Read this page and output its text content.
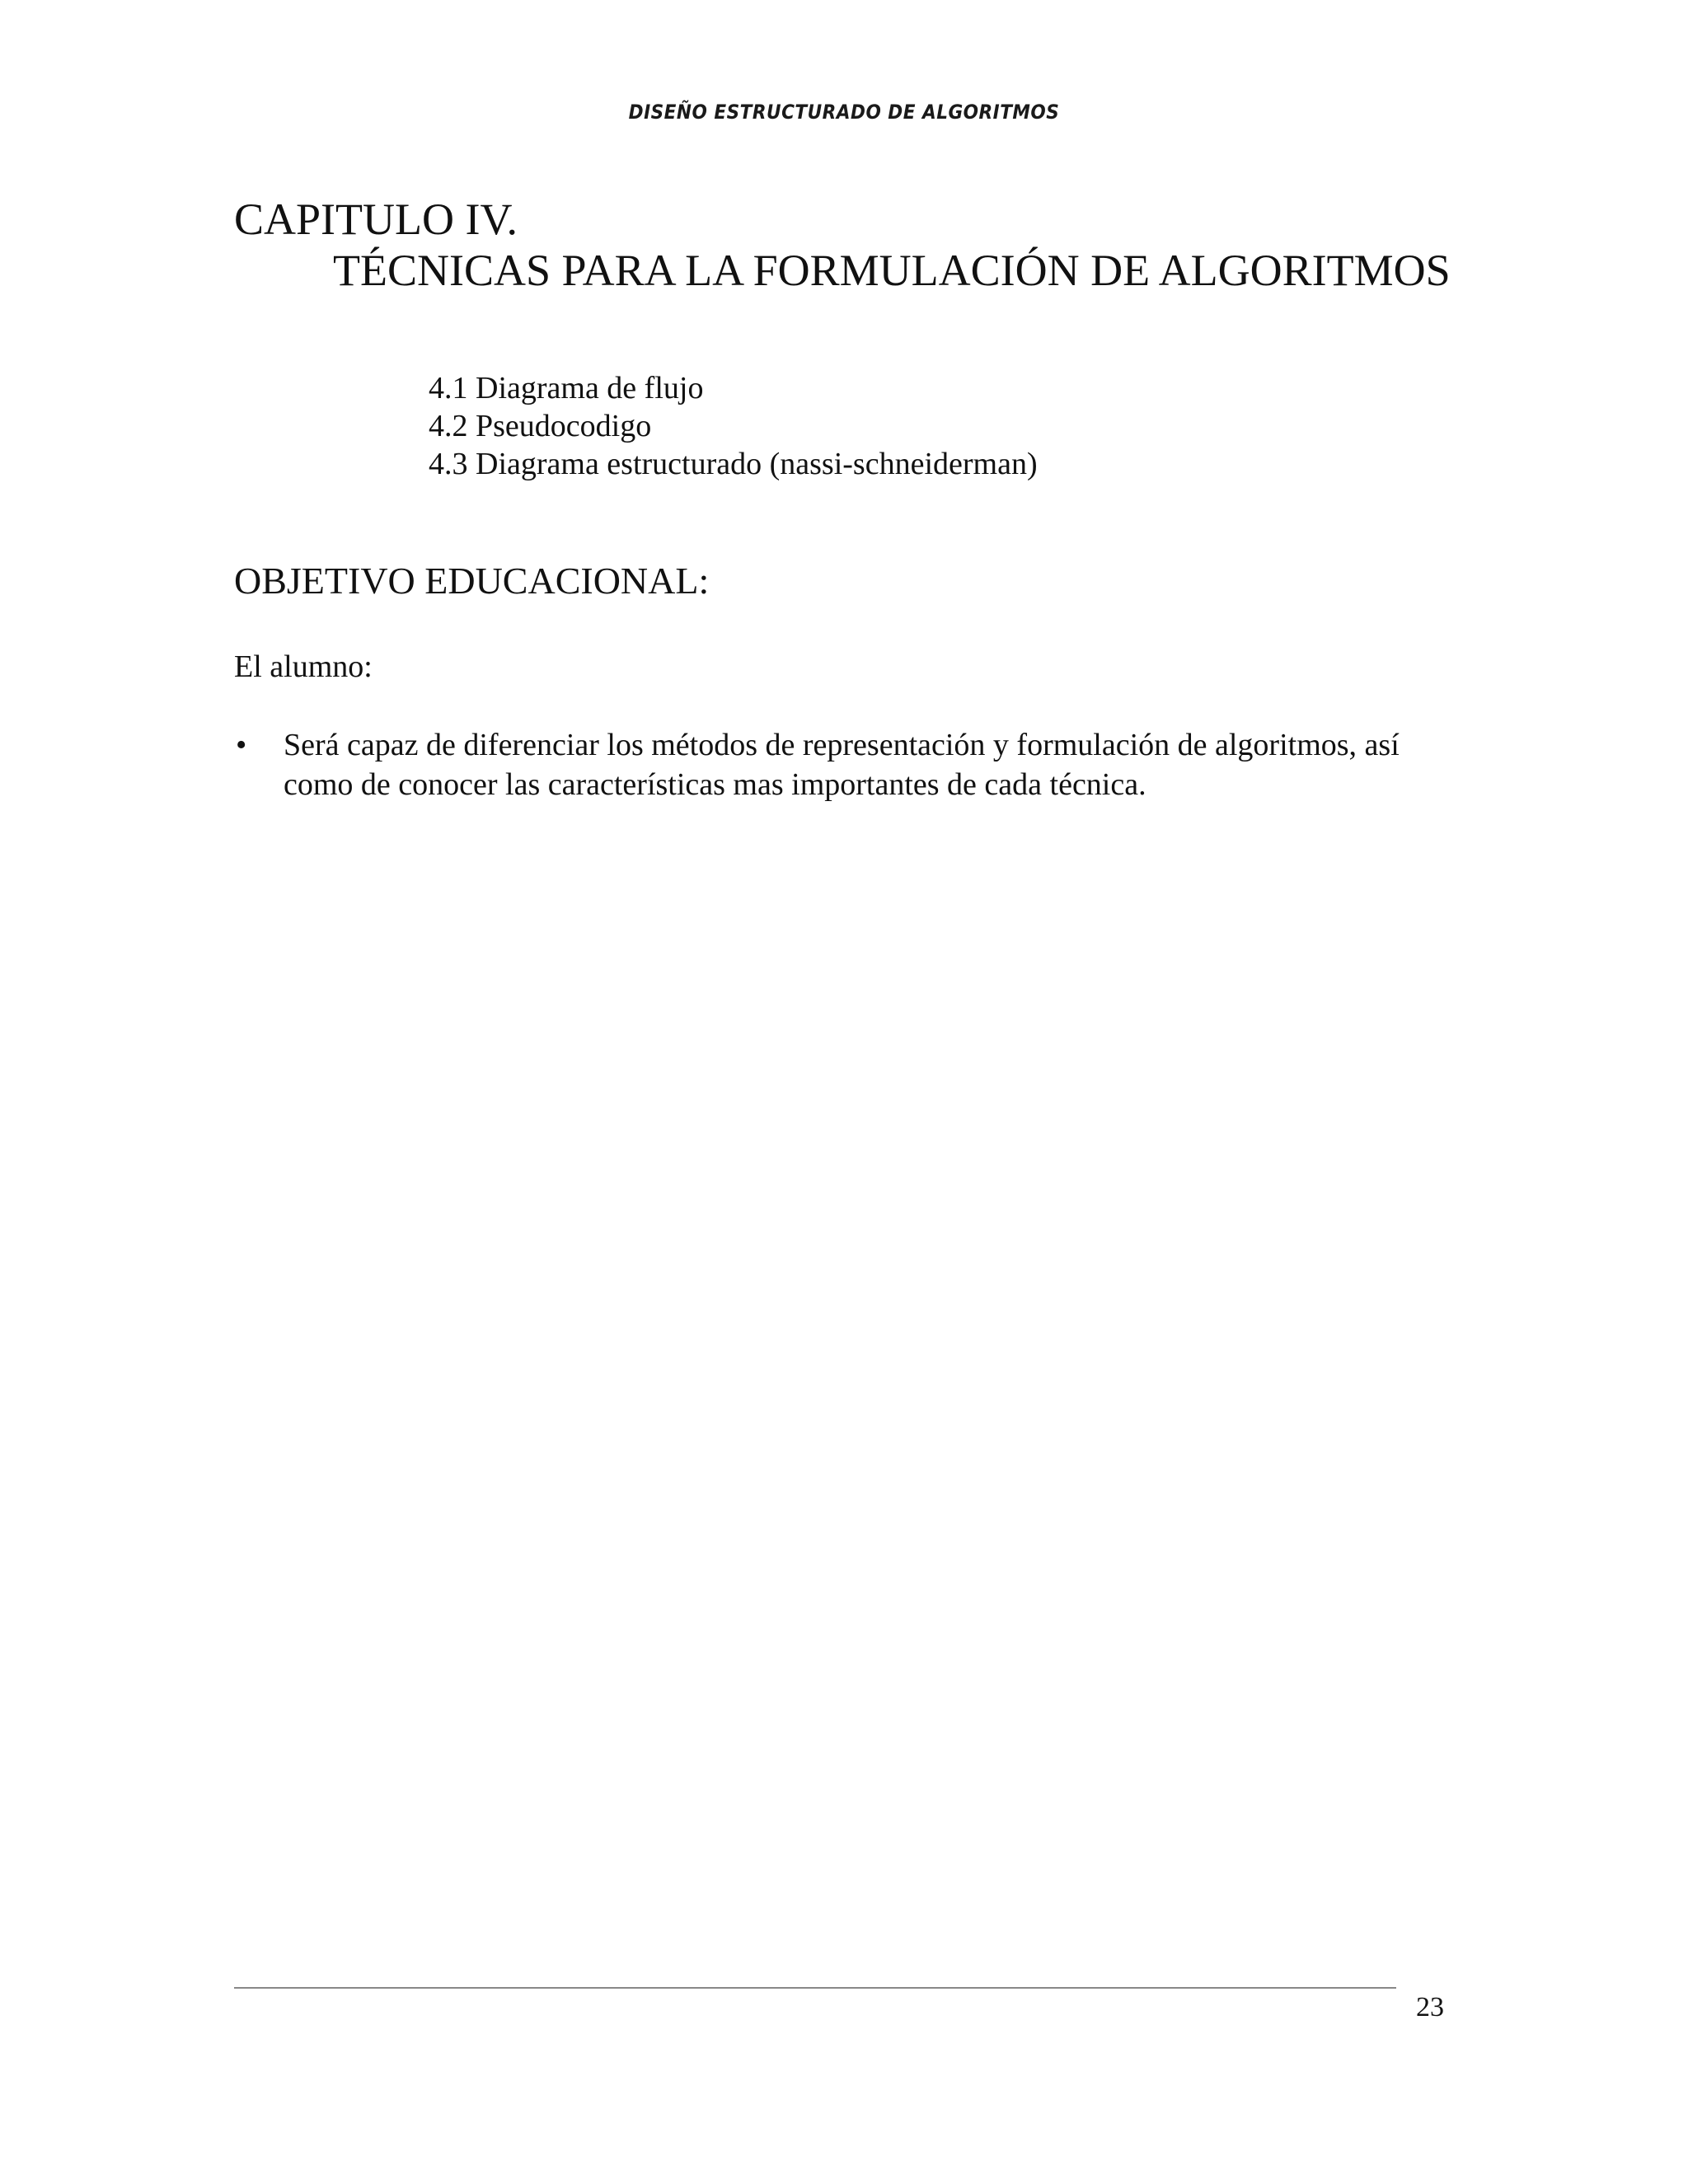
DISEÑO ESTRUCTURADO DE ALGORITMOS
CAPITULO IV.
TÉCNICAS PARA LA FORMULACIÓN DE ALGORITMOS
4.1 Diagrama de flujo
4.2 Pseudocodigo
4.3 Diagrama estructurado (nassi-schneiderman)
OBJETIVO EDUCACIONAL:
El alumno:
• Será capaz de diferenciar los métodos de representación y formulación de algoritmos, así como de conocer las características mas importantes de cada técnica.
23
